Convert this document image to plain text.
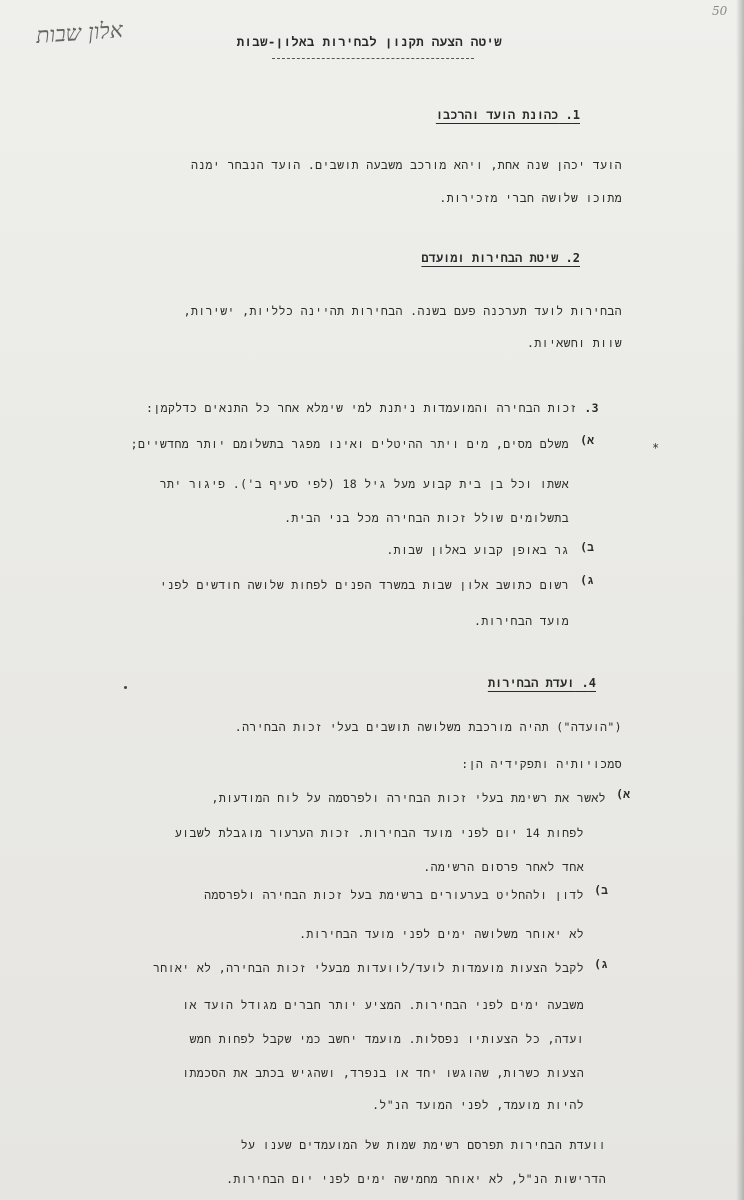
אלון שבות
50
שיטה הצעה תקנון לבחירות באלון-שבות
1. כהונת הועד והרכבו
הועד יכהן שנה אחת, ויהא מורכב משבעה תושבים. הועד הנבחר ימנה
מתוכו שלושה חברי מזכירות.
2. שיטת הבחירות ומועדם
הבחירות לועד תערכנה פעם בשנה. הבחירות תהיינה כלליות, ישירות,
שוות וחשאיות.
3. זכות הבחירה והמועמדות ניתנת למי שימלא אחר כל התנאים כדלקמן:
*
א)
משלם מסים, מים ויתר ההיטלים ואינו מפגר בתשלומם יותר מחדשיים;
אשתו וכל בן בית קבוע מעל גיל 18 (לפי סעיף ב'). פיגור יתר
בתשלומים שולל זכות הבחירה מכל בני הבית.
ב)
גר באופן קבוע באלון שבות.
ג)
רשום כתושב אלון שבות במשרד הפנים לפחות שלושה חודשים לפני
מועד הבחירות.
4. ועדת הבחירות
("הועדה") תהיה מורכבת משלושה תושבים בעלי זכות הבחירה.
סמכויותיה ותפקידיה הן:
א)
לאשר את רשימת בעלי זכות הבחירה ולפרסמה על לוח המודעות,
לפחות 14 יום לפני מועד הבחירות. זכות הערעור מוגבלת לשבוע
אחד לאחר פרסום הרשימה.
ב)
לדון ולהחליט בערעורים ברשימת בעל זכות הבחירה ולפרסמה
לא יאוחר משלושה ימים לפני מועד הבחירות.
ג)
לקבל הצעות מועמדות לועד/לוועדות מבעלי זכות הבחירה, לא יאוחר
משבעה ימים לפני הבחירות. המציע יותר חברים מגודל הועד או
ועדה, כל הצעותיו נפסלות. מועמד יחשב כמי שקבל לפחות חמש
הצעות כשרות, שהוגשו יחד או בנפרד, ושהגיש בכתב את הסכמתו
להיות מועמד, לפני המועד הנ"ל.
וועדת הבחירות תפרסם רשימת שמות של המועמדים שענו על
הדרישות הנ"ל, לא יאוחר מחמישה ימים לפני יום הבחירות.
